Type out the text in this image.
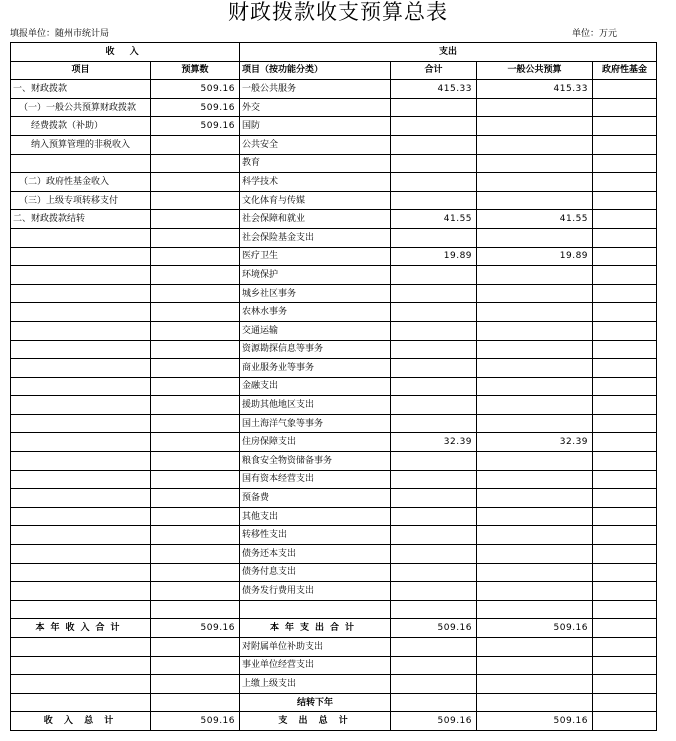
财政拨款收支预算总表
填报单位：随州市统计局	单位：万元
收 入		支出			
项目	预算数	项目（按功能分类）	合计	一般公共预算	政府性基金
一、财政拨款	509.16	一般公共服务	415.33	415.33	
（一）一般公共预算财政拨款	509.16	外交			
经费拨款（补助）	509.16	国防			
纳入预算管理的非税收入		公共安全			
		教育			
（二）政府性基金收入		科学技术			
（三）上级专项转移支付		文化体育与传媒			
二、财政拨款结转		社会保障和就业	41.55	41.55	
		社会保险基金支出			
		医疗卫生	19.89	19.89	
		环境保护			
		城乡社区事务			
		农林水事务			
		交通运输			
		资源勘探信息等事务			
		商业服务业等事务			
		金融支出			
		援助其他地区支出			
		国土海洋气象等事务			
		住房保障支出	32.39	32.39	
		粮食安全物资储备事务			
		国有资本经营支出			
		预备费			
		其他支出			
		转移性支出			
		债务还本支出			
		债务付息支出			
		债务发行费用支出			

本年收入合计	509.16	本年支出合计	509.16	509.16	
		对附属单位补助支出			
		事业单位经营支出			
		上缴上级支出			
		结转下年			
收 入 总 计	509.16	支 出 总 计	509.16	509.16	
